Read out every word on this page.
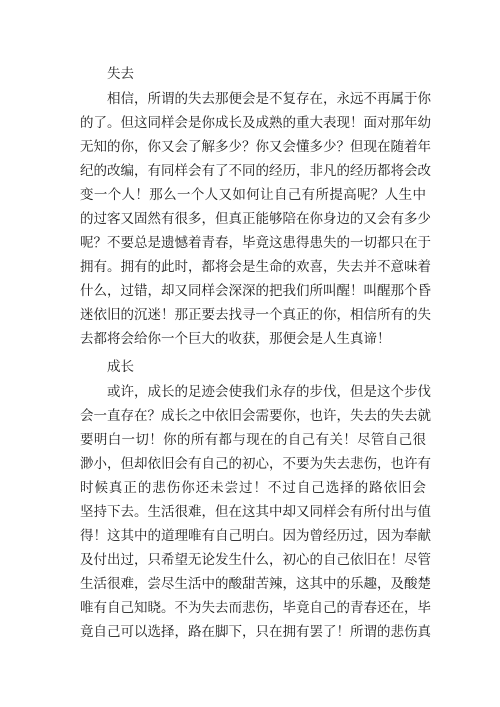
失去
相信，所谓的失去那便会是不复存在，永远不再属于你
的了。但这同样会是你成长及成熟的重大表现！面对那年幼
无知的你，你又会了解多少？你又会懂多少？但现在随着年
纪的改编，有同样会有了不同的经历，非凡的经历都将会改
变一个人！那么一个人又如何让自己有所提高呢？人生中
的过客又固然有很多，但真正能够陪在你身边的又会有多少
呢？不要总是遗憾着青春，毕竟这患得患失的一切都只在于
拥有。拥有的此时，都将会是生命的欢喜，失去并不意味着
什么，过错，却又同样会深深的把我们所叫醒！叫醒那个昏
迷依旧的沉迷！那正要去找寻一个真正的你，相信所有的失
去都将会给你一个巨大的收获，那便会是人生真谛！
成长
或许，成长的足迹会使我们永存的步伐，但是这个步伐
会一直存在？成长之中依旧会需要你，也许，失去的失去就
要明白一切！你的所有都与现在的自己有关！尽管自己很
渺小，但却依旧会有自己的初心，不要为失去悲伤，也许有
时候真正的悲伤你还未尝过！不过自己选择的路依旧会
坚持下去。生活很难，但在这其中却又同样会有所付出与值
得！这其中的道理唯有自己明白。因为曾经历过，因为奉献
及付出过，只希望无论发生什么，初心的自己依旧在！尽管
生活很难，尝尽生活中的酸甜苦辣，这其中的乐趣，及酸楚
唯有自己知晓。不为失去而悲伤，毕竟自己的青春还在，毕
竟自己可以选择，路在脚下，只在拥有罢了！所谓的悲伤真
